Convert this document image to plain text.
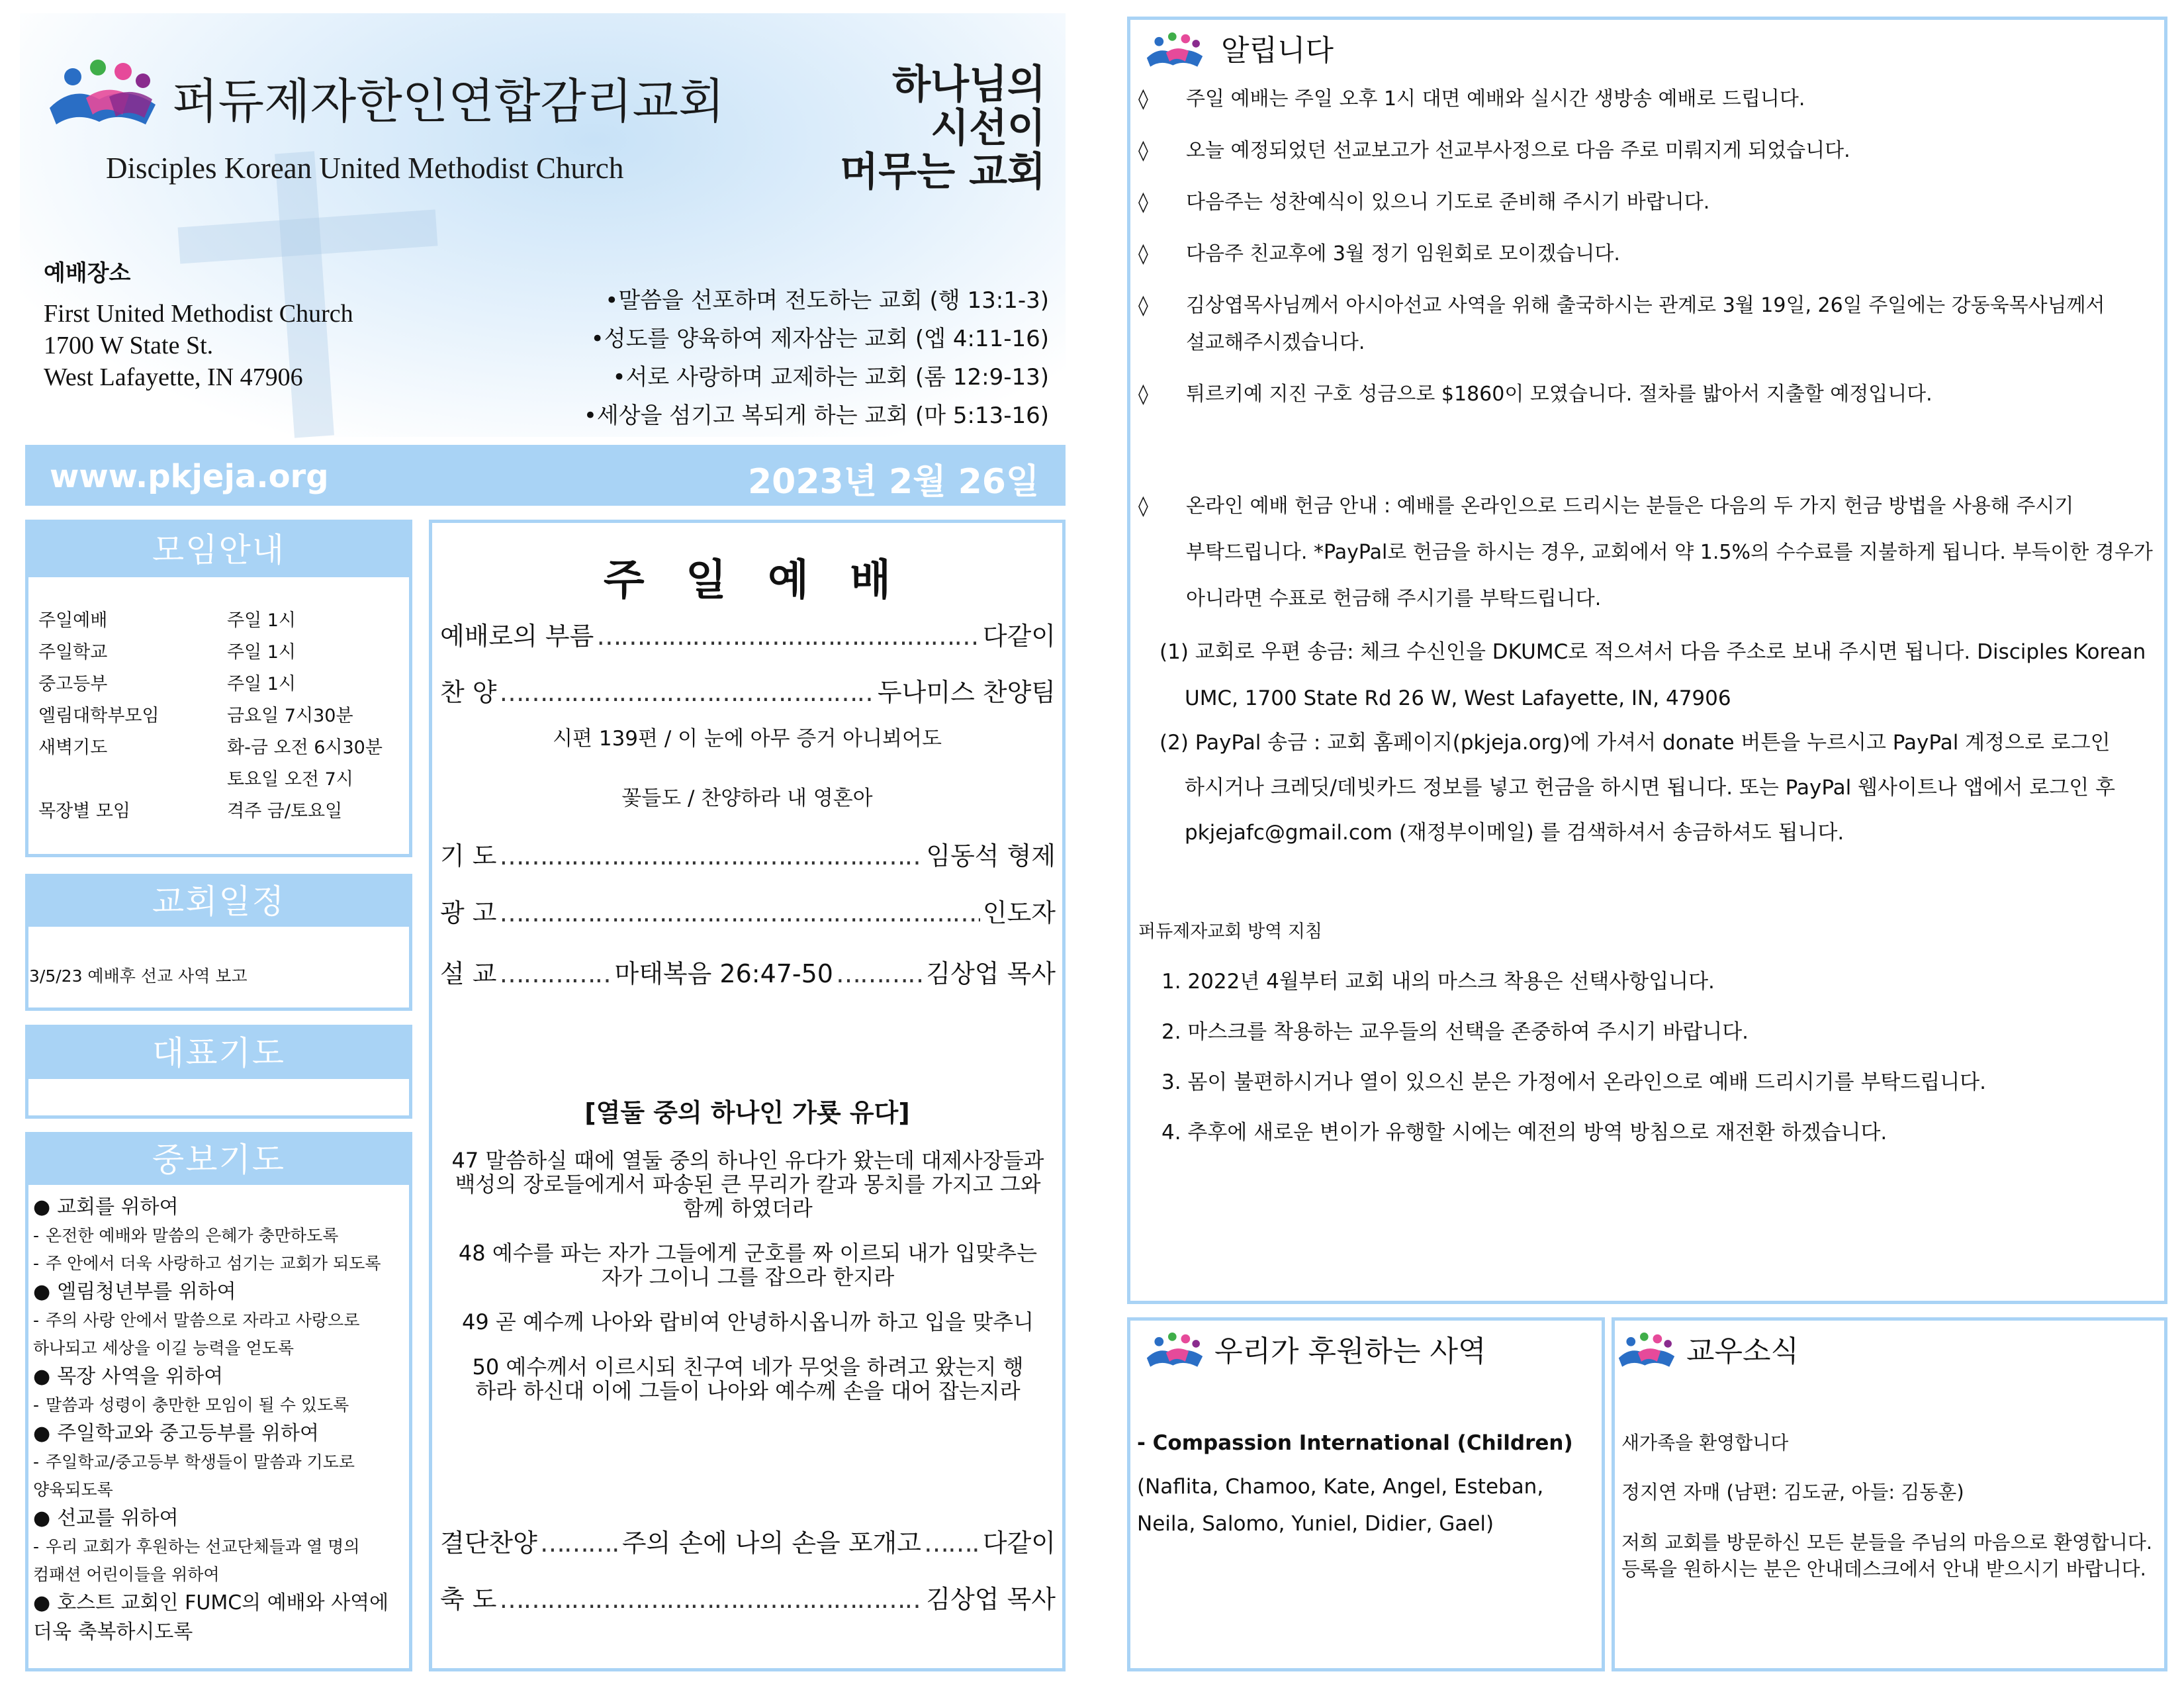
퍼듀제자한인연합감리교회
Disciples Korean United Methodist Church
하나님의
시선이
머무는 교회
예배장소
First United Methodist Church
1700 W State St.
West Lafayette, IN 47906
•말씀을 선포하며 전도하는 교회 (행 13:1-3)
•성도를 양육하여 제자삼는 교회 (엡 4:11-16)
•서로 사랑하며 교제하는 교회 (롬 12:9-13)
•세상을 섬기고 복되게 하는 교회 (마 5:13-16)
www.pkjeja.org	2023년 2월 26일
모임안내
주일예배	주일 1시
주일학교	주일 1시
중고등부	주일 1시
엘림대학부모임	금요일 7시30분
새벽기도	화-금 오전 6시30분
토요일 오전 7시
목장별 모임	격주 금/토요일
교회일정
3/5/23 예배후 선교 사역 보고
대표기도
중보기도
● 교회를 위하여
- 온전한 예배와 말씀의 은혜가 충만하도록
- 주 안에서 더욱 사랑하고 섬기는 교회가 되도록
● 엘림청년부를 위하여
- 주의 사랑 안에서 말씀으로 자라고 사랑으로
하나되고 세상을 이길 능력을 얻도록
● 목장 사역을 위하여
- 말씀과 성령이 충만한 모임이 될 수 있도록
● 주일학교와 중고등부를 위하여
- 주일학교/중고등부 학생들이 말씀과 기도로
양육되도록
● 선교를 위하여
- 우리 교회가 후원하는 선교단체들과 열 명의
컴패션 어린이들을 위하여
● 호스트 교회인 FUMC의 예배와 사역에
더욱 축복하시도록
주 일 예 배
예배로의 부름 ……………………………………………………………………………………………………………………	다같이
찬 양 ……………………………………………………………………………………………………………………	두나미스 찬양팀
시편 139편 / 이 눈에 아무 증거 아니뵈어도
꽃들도 / 찬양하라 내 영혼아
기 도 ……………………………………………………………………………………………………………………	임동석 형제
광 고 ……………………………………………………………………………………………………………………	인도자
설 교 ……………………………………………………………………………………………………………………	마태복음 26:47-50 ……………………………………………………………………………………………………………………	김상업 목사
[열둘 중의 하나인 가룟 유다]
47 말씀하실 때에 열둘 중의 하나인 유다가 왔는데 대제사장들과 백성의 장로들에게서 파송된 큰 무리가 칼과 몽치를 가지고 그와 함께 하였더라
48 예수를 파는 자가 그들에게 군호를 짜 이르되 내가 입맞추는 자가 그이니 그를 잡으라 한지라
49 곧 예수께 나아와 랍비여 안녕하시옵니까 하고 입을 맞추니
50 예수께서 이르시되 친구여 네가 무엇을 하려고 왔는지 행하라 하신대 이에 그들이 나아와 예수께 손을 대어 잡는지라
결단찬양 ……………………………………………………………………………………………………………………	주의 손에 나의 손을 포개고 …………………………………………………………………………………………………………………… 다같이
축 도 ……………………………………………………………………………………………………………………	김상업 목사
알립니다
◊ 주일 예배는 주일 오후 1시 대면 예배와 실시간 생방송 예배로 드립니다.
◊ 오늘 예정되었던 선교보고가 선교부사정으로 다음 주로 미뤄지게 되었습니다.
◊ 다음주는 성찬예식이 있으니 기도로 준비해 주시기 바랍니다.
◊ 다음주 친교후에 3월 정기 임원회로 모이겠습니다.
◊ 김상엽목사님께서 아시아선교 사역을 위해 출국하시는 관계로 3월 19일, 26일 주일에는 강동욱목사님께서
설교해주시겠습니다.
◊ 튀르키예 지진 구호 성금으로 $1860이 모였습니다. 절차를 밟아서 지출할 예정입니다.
◊ 온라인 예배 헌금 안내 : 예배를 온라인으로 드리시는 분들은 다음의 두 가지 헌금 방법을 사용해 주시기
부탁드립니다. *PayPal로 헌금을 하시는 경우, 교회에서 약 1.5%의 수수료를 지불하게 됩니다. 부득이한 경우가
아니라면 수표로 헌금해 주시기를 부탁드립니다.
(1) 교회로 우편 송금: 체크 수신인을 DKUMC로 적으셔서 다음 주소로 보내 주시면 됩니다. Disciples Korean
UMC, 1700 State Rd 26 W, West Lafayette, IN, 47906
(2) PayPal 송금 : 교회 홈페이지(pkjeja.org)에 가셔서 donate 버튼을 누르시고 PayPal 계정으로 로그인
하시거나 크레딧/데빗카드 정보를 넣고 헌금을 하시면 됩니다. 또는 PayPal 웹사이트나 앱에서 로그인 후
pkjejafc@gmail.com (재정부이메일) 를 검색하셔서 송금하셔도 됩니다.
퍼듀제자교회 방역 지침
1. 2022년 4월부터 교회 내의 마스크 착용은 선택사항입니다.
2. 마스크를 착용하는 교우들의 선택을 존중하여 주시기 바랍니다.
3. 몸이 불편하시거나 열이 있으신 분은 가정에서 온라인으로 예배 드리시기를 부탁드립니다.
4. 추후에 새로운 변이가 유행할 시에는 예전의 방역 방침으로 재전환 하겠습니다.
우리가 후원하는 사역
- Compassion International (Children)
(Naflita, Chamoo, Kate, Angel, Esteban,
Neila, Salomo, Yuniel, Didier, Gael)
교우소식
새가족을 환영합니다
정지연 자매 (남편: 김도균, 아들: 김동훈)
저희 교회를 방문하신 모든 분들을 주님의 마음으로 환영합니다.
등록을 원하시는 분은 안내데스크에서 안내 받으시기 바랍니다.
